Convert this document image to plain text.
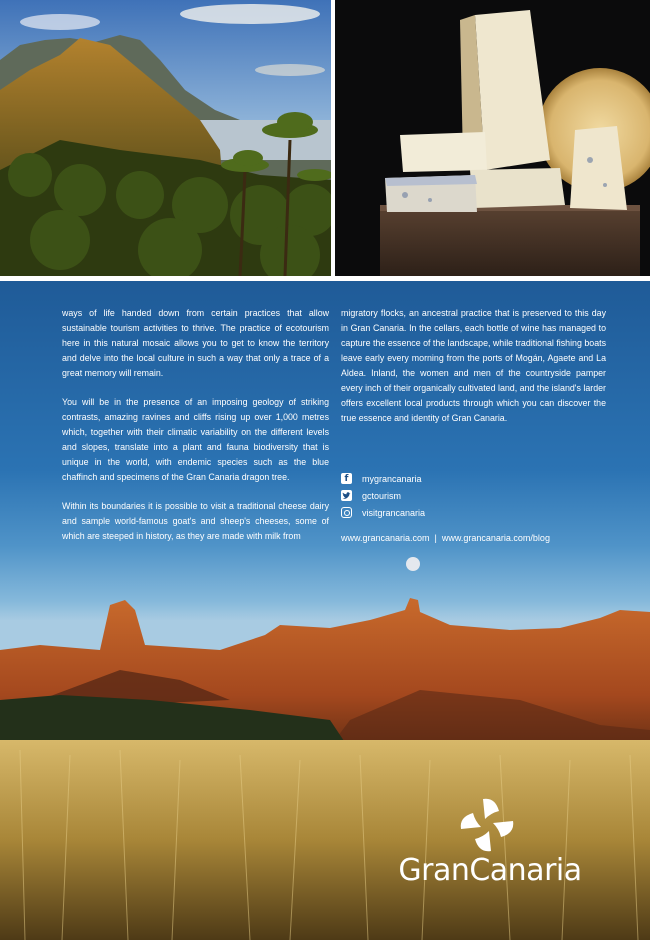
ways of life handed down from certain practices that allow sustainable tourism activities to thrive. The practice of ecotourism here in this natural mosaic allows you to get to know the territory and delve into the local culture in such a way that only a trace of a great memory will remain.

You will be in the presence of an imposing geology of striking contrasts, amazing ravines and cliffs rising up over 1,000 metres which, together with their climatic variability on the different levels and slopes, translate into a plant and fauna biodiversity that is unique in the world, with endemic species such as the blue chaffinch and specimens of the Gran Canaria dragon tree.

Within its boundaries it is possible to visit a traditional cheese dairy and sample world-famous goat's and sheep's cheeses, some of which are steeped in history, as they are made with milk from

migratory flocks, an ancestral practice that is preserved to this day in Gran Canaria. In the cellars, each bottle of wine has managed to capture the essence of the landscape, while traditional fishing boats leave early every morning from the ports of Mogán, Agaete and La Aldea. Inland, the women and men of the countryside pamper every inch of their organically cultivated land, and the island's larder offers excellent local products through which you can discover the true essence and identity of Gran Canaria.

f	mygrancanaria
gctourism
visitgrancanaria
www.grancanaria.com | www.grancanaria.com/blog
GranCanaria
